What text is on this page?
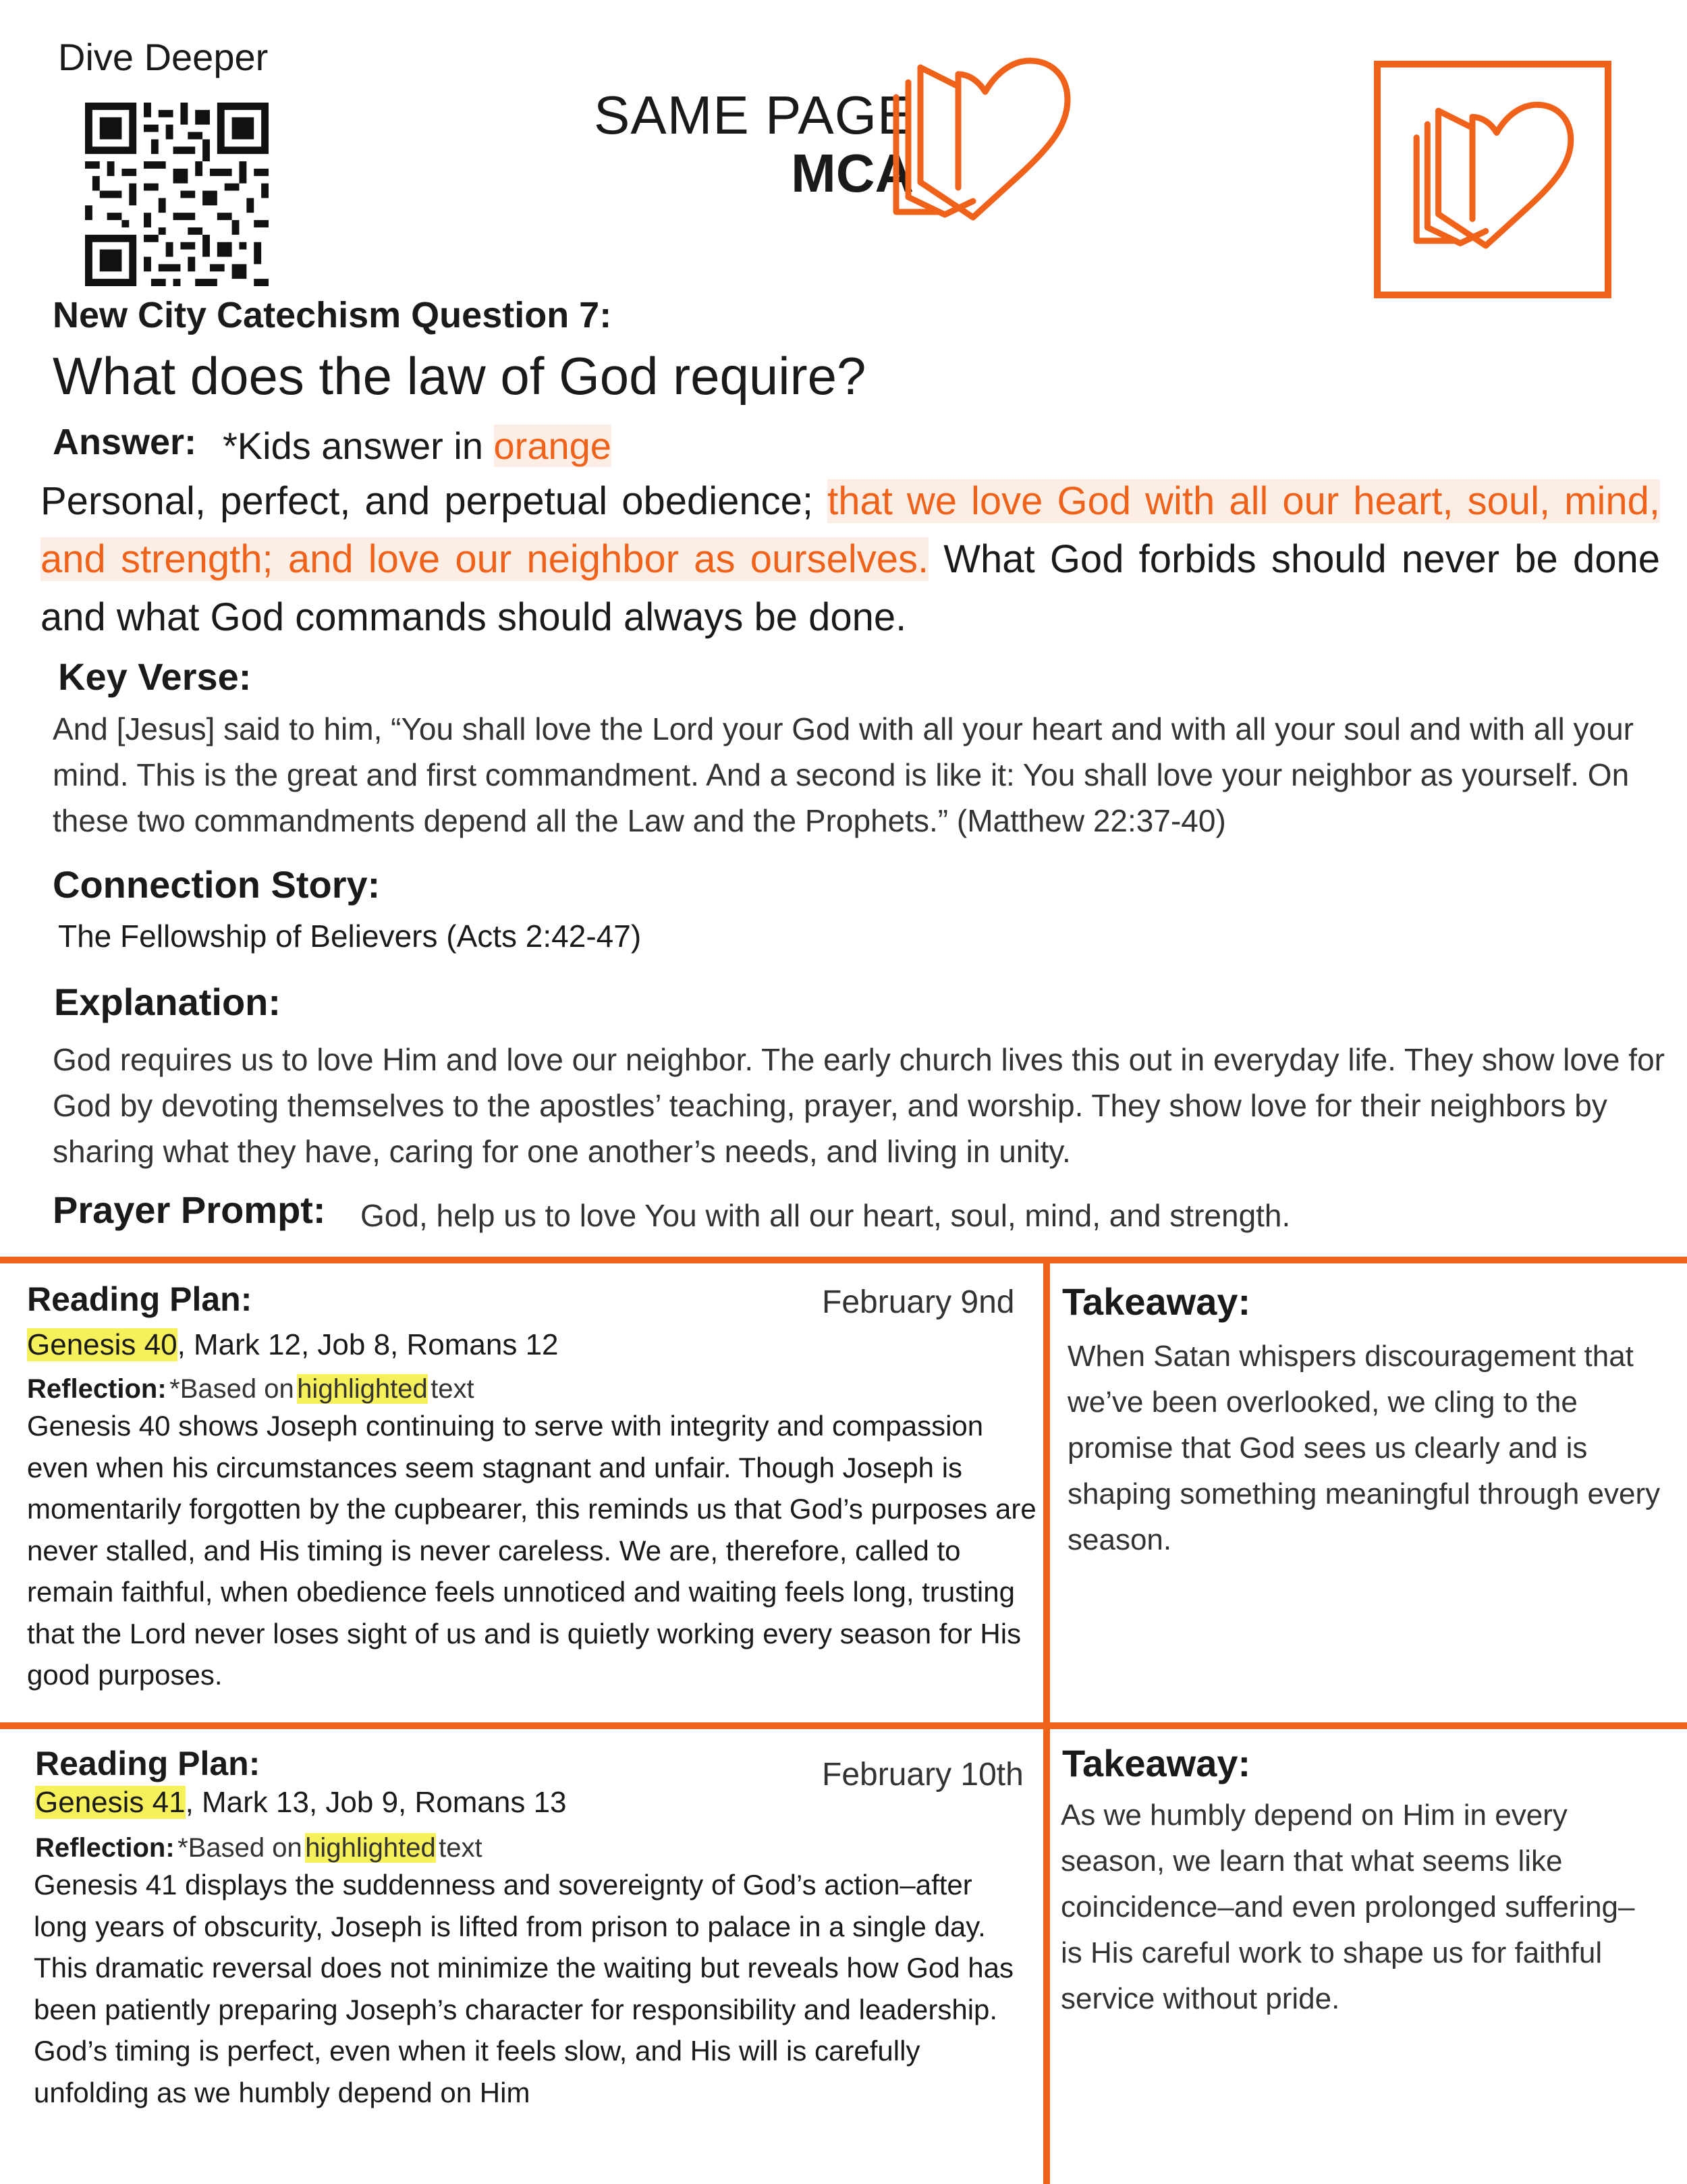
Dive Deeper
SAME PAGE
MCA
New City Catechism Question 7:
What does the law of God require?
Answer: *Kids answer in orange
Personal, perfect, and perpetual obedience; that we love God with all our heart, soul, mind, and strength; and love our neighbor as ourselves. What God forbids should never be done and what God commands should always be done.
Key Verse:
And [Jesus] said to him, “You shall love the Lord your God with all your heart and with all your soul and with all your mind. This is the great and first commandment. And a second is like it: You shall love your neighbor as yourself. On these two commandments depend all the Law and the Prophets.” (Matthew 22:37-40)
Connection Story:
The Fellowship of Believers (Acts 2:42-47)
Explanation:
God requires us to love Him and love our neighbor. The early church lives this out in everyday life. They show love for God by devoting themselves to the apostles’ teaching, prayer, and worship. They show love for their neighbors by sharing what they have, caring for one another’s needs, and living in unity.
Prayer Prompt: God, help us to love You with all our heart, soul, mind, and strength.
Reading Plan:	February 9nd
Genesis 40, Mark 12, Job 8, Romans 12
Reflection: *Based on highlighted text
Genesis 40 shows Joseph continuing to serve with integrity and compassion even when his circumstances seem stagnant and unfair. Though Joseph is momentarily forgotten by the cupbearer, this reminds us that God’s purposes are never stalled, and His timing is never careless. We are, therefore, called to remain faithful, when obedience feels unnoticed and waiting feels long, trusting that the Lord never loses sight of us and is quietly working every season for His good purposes.
Takeaway:
When Satan whispers discouragement that we’ve been overlooked, we cling to the promise that God sees us clearly and is shaping something meaningful through every season.
Reading Plan:	February 10th
Genesis 41, Mark 13, Job 9, Romans 13
Reflection: *Based on highlighted text
Genesis 41 displays the suddenness and sovereignty of God’s action–after long years of obscurity, Joseph is lifted from prison to palace in a single day. This dramatic reversal does not minimize the waiting but reveals how God has been patiently preparing Joseph’s character for responsibility and leadership. God’s timing is perfect, even when it feels slow, and His will is carefully unfolding as we humbly depend on Him
Takeaway:
As we humbly depend on Him in every season, we learn that what seems like coincidence–and even prolonged suffering–is His careful work to shape us for faithful service without pride.
